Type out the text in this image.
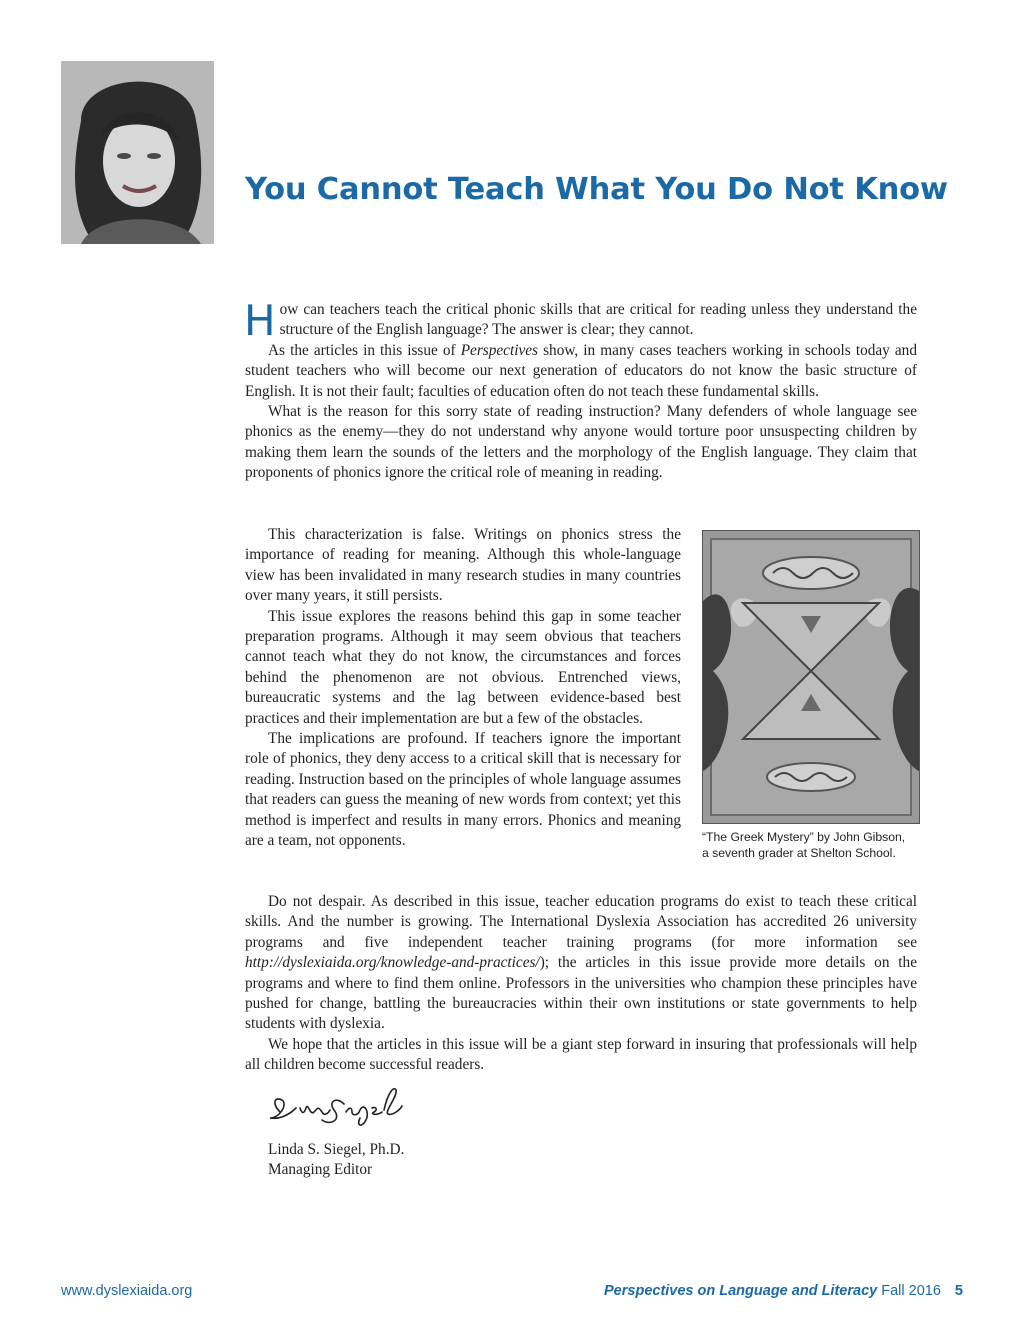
You Cannot Teach What You Do Not Know

How can teachers teach the critical phonic skills that are critical for reading unless they understand the structure of the English language? The answer is clear; they cannot.

As the articles in this issue of Perspectives show, in many cases teachers working in schools today and student teachers who will become our next generation of educators do not know the basic structure of English. It is not their fault; faculties of education often do not teach these fundamental skills.

What is the reason for this sorry state of reading instruction? Many defenders of whole language see phonics as the enemy—they do not understand why anyone would torture poor unsuspecting children by making them learn the sounds of the letters and the morphology of the English language. They claim that proponents of phonics ignore the critical role of meaning in reading.

This characterization is false. Writings on phonics stress the importance of reading for meaning. Although this whole-language view has been invalidated in many research studies in many countries over many years, it still persists.

This issue explores the reasons behind this gap in some teacher preparation programs. Although it may seem obvious that teachers cannot teach what they do not know, the circumstances and forces behind the phenomenon are not obvious. Entrenched views, bureaucratic systems and the lag between evidence-based best practices and their implementation are but a few of the obstacles.

The implications are profound. If teachers ignore the important role of phonics, they deny access to a critical skill that is necessary for reading. Instruction based on the principles of whole language assumes that readers can guess the meaning of new words from context; yet this method is imperfect and results in many errors. Phonics and meaning are a team, not opponents.	“The Greek Mystery” by John Gibson,
a seventh grader at Shelton School.

Do not despair. As described in this issue, teacher education programs do exist to teach these critical skills. And the number is growing. The International Dyslexia Association has accredited 26 university programs and five independent teacher training programs (for more information see http://dyslexiaida.org/knowledge-and-practices/); the articles in this issue provide more details on the programs and where to find them online. Professors in the universities who champion these principles have pushed for change, battling the bureaucracies within their own institutions or state governments to help students with dyslexia.

We hope that the articles in this issue will be a giant step forward in insuring that professionals will help all children become successful readers.

Linda S. Siegel, Ph.D.
Managing Editor
www.dyslexiaida.org	Perspectives on Language and Literacy Fall 2016 5
